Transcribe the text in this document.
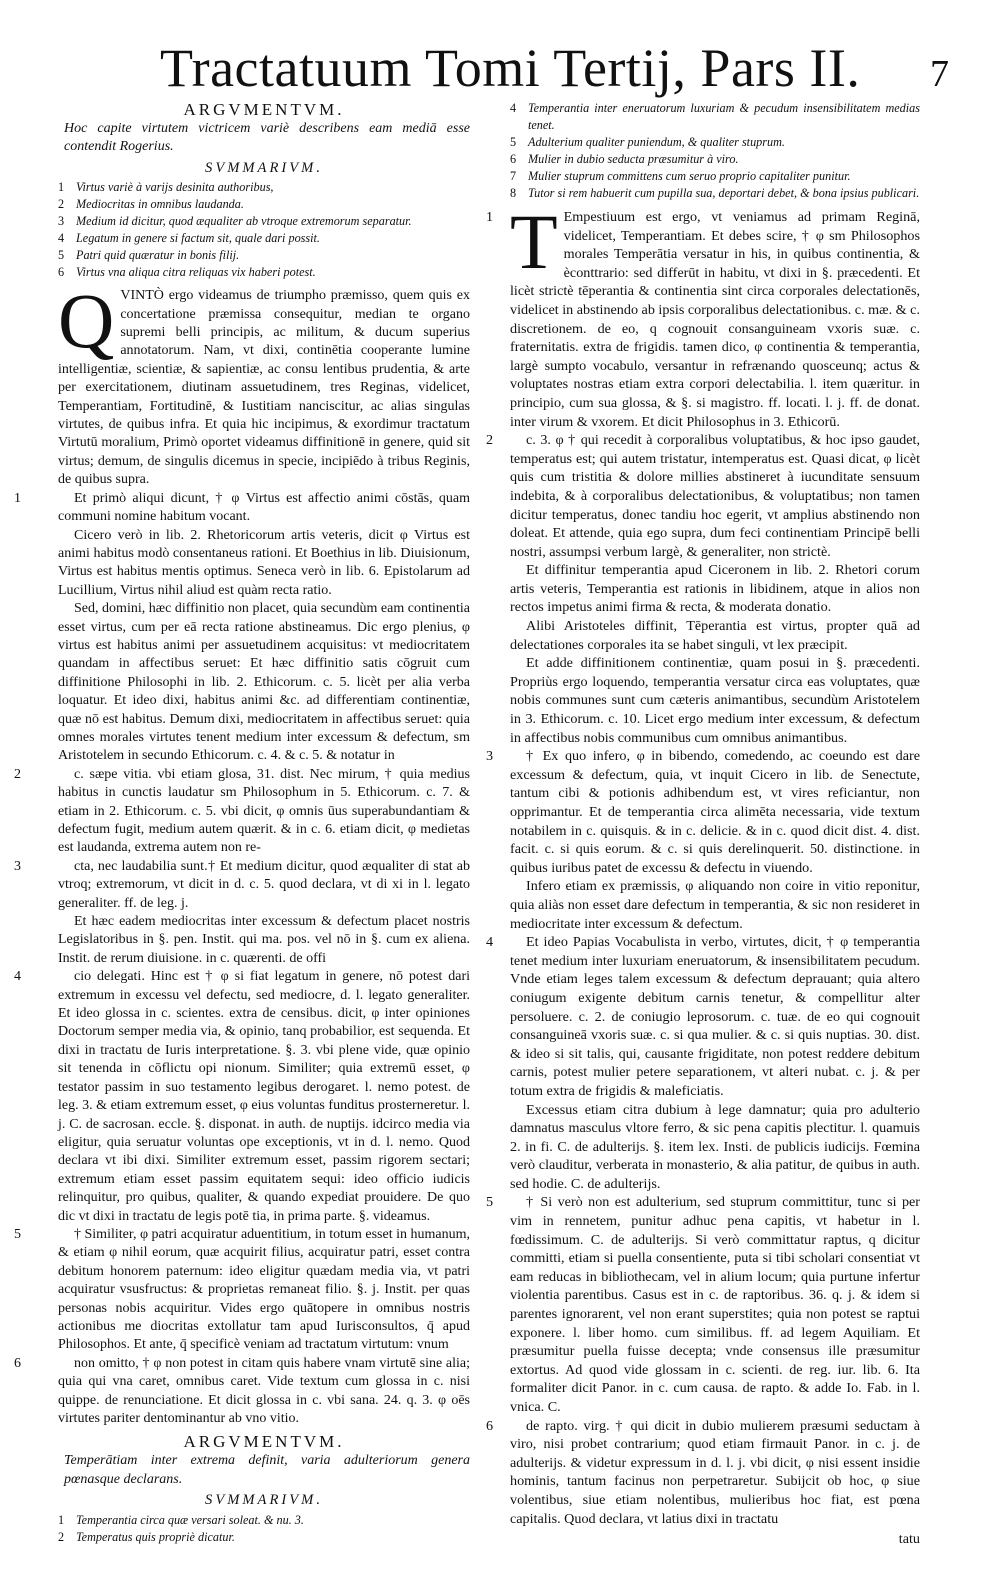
Tractatuum Tomi Tertij, Pars II. 7

ARGVMENTVM.

Hoc capite virtutem victricem variè describens eam mediā esse contendit Rogerius.

SVMMARIVM.

1 Virtus variè à varijs desinita authoribus,
2 Mediocritas in omnibus laudanda.
3 Medium id dicitur, quod æqualiter ab vtroque extremorum separatur.
4 Legatum in genere si factum sit, quale dari possit.
5 Patri quid quæratur in bonis filij.
6 Virtus vna aliqua citra reliquas vix haberi potest.

QVINTÒ ergo videamus de triumpho præmisso, quem quis ex concertatione præmissa consequitur, median te organo supremi belli principis, ac militum, & ducum superius annotatorum. Nam, vt dixi, continētia cooperante lumine intelligentiæ, scientiæ, & sapientiæ, ac consu lentibus prudentia, & arte per exercitationem, diutinam assuetudinem, tres Reginas, videlicet, Temperantiam, Fortitudinē, & Iustitiam nanciscitur, ac alias singulas virtutes, de quibus infra. Et quia hic incipimus, & exordimur tractatum Virtutū moralium, Primò oportet videamus diffinitionē in genere, quid sit virtus; demum, de singulis dicemus in specie, incipiēdo à tribus Reginis, de quibus supra.

1	Et primò aliqui dicunt, † φ Virtus est affectio animi cōstās, quam communi nomine habitum vocant.

Cicero verò in lib. 2. Rhetoricorum artis veteris, dicit φ Virtus est animi habitus modò consentaneus rationi. Et Boethius in lib. Diuisionum, Virtus est habitus mentis optimus. Seneca verò in lib. 6. Epistolarum ad Lucillium, Virtus nihil aliud est quàm recta ratio.

Sed, domini, hæc diffinitio non placet, quia secundùm eam continentia esset virtus, cum per eā recta ratione abstineamus. Dic ergo plenius, φ virtus est habitus animi per assuetudinem acquisitus: vt mediocritatem quandam in affectibus seruet: Et hæc diffinitio satis cōgruit cum diffinitione Philosophi in lib. 2. Ethicorum. c. 5. licèt per alia verba loquatur. Et ideo dixi, habitus animi &c. ad differentiam continentiæ, quæ nō est habitus. Demum dixi, mediocritatem in affectibus seruet: quia omnes morales virtutes tenent medium inter excessum & defectum, sm Aristotelem in secundo Ethicorum. c. 4. & c. 5. & notatur in

2	c. sæpe vitia. vbi etiam glosa, 31. dist. Nec mirum, † quia medius habitus in cunctis laudatur sm Philosophum in 5. Ethicorum. c. 7. & etiam in 2. Ethicorum. c. 5. vbi dicit, φ omnis ūus superabundantiam & defectum fugit, medium autem quærit. & in c. 6. etiam dicit, φ medietas est laudanda, extrema autem non re-

3	cta, nec laudabilia sunt.† Et medium dicitur, quod æqualiter di stat ab vtroq; extremorum, vt dicit in d. c. 5. quod declara, vt di xi in l. legato generaliter. ff. de leg. j.

Et hæc eadem mediocritas inter excessum & defectum placet nostris Legislatoribus in §. pen. Instit. qui ma. pos. vel nō in §. cum ex aliena. Instit. de rerum diuisione. in c. quærenti. de offi

4	cio delegati. Hinc est † φ si fiat legatum in genere, nō potest dari extremum in excessu vel defectu, sed mediocre, d. l. legato generaliter. Et ideo glossa in c. scientes. extra de censibus. dicit, φ inter opiniones Doctorum semper media via, & opinio, tanq probabilior, est sequenda. Et dixi in tractatu de Iuris interpretatione. §. 3. vbi plene vide, quæ opinio sit tenenda in cōflictu opi nionum. Similiter; quia extremū esset, φ testator passim in suo testamento legibus derogaret. l. nemo potest. de leg. 3. & etiam extremum esset, φ eius voluntas funditus prosterneretur. l. j. C. de sacrosan. eccle. §. disponat. in auth. de nuptijs. idcirco media via eligitur, quia seruatur voluntas ope exceptionis, vt in d. l. nemo. Quod declara vt ibi dixi. Similiter extremum esset, passim rigorem sectari; extremum etiam esset passim equitatem sequi: ideo officio iudicis relinquitur, pro quibus, qualiter, & quando expediat prouidere. De quo dic vt dixi in tractatu de legis potē tia, in prima parte. §. videamus.

5	† Similiter, φ patri acquiratur aduentitium, in totum esset in humanum, & etiam φ nihil eorum, quæ acquirit filius, acquiratur patri, esset contra debitum honorem paternum: ideo eligitur quædam media via, vt patri acquiratur vsusfructus: & proprietas remaneat filio. §. j. Instit. per quas personas nobis acquiritur. Vides ergo quātopere in omnibus nostris actionibus me diocritas extollatur tam apud Iurisconsultos, q̄ apud Philosophos. Et ante, q̄ specificè veniam ad tractatum virtutum: vnum

6	non omitto, † φ non potest in citam quis habere vnam virtutē sine alia; quia qui vna caret, omnibus caret. Vide textum cum glossa in c. nisi quippe. de renunciatione. Et dicit glossa in c. vbi sana. 24. q. 3. φ oēs virtutes pariter dentominantur ab vno vitio.

ARGVMENTVM.

Temperātiam inter extrema definit, varia adulteriorum genera pœnasque declarans.

SVMMARIVM.

1 Temperantia circa quæ versari soleat. & nu. 3.
2 Temperatus quis propriè dicatur.
4 Temperantia inter eneruatorum luxuriam & pecudum insensibilitatem medias tenet.
5 Adulterium qualiter puniendum, & qualiter stuprum.
6 Mulier in dubio seducta præsumitur à viro.
7 Mulier stuprum committens cum seruo proprio capitaliter punitur.
8 Tutor si rem habuerit cum pupilla sua, deportari debet, & bona ipsius publicari.

1 T Empestiuum est ergo, vt veniamus ad primam Reginā, videlicet, Temperantiam. Et debes scire, † φ sm Philosophos morales Temperātia versatur in his, in quibus continentia, & èconttrario: sed differūt in habitu, vt dixi in §. præcedenti. Et licèt strictè tēperantia & continentia sint circa corporales delectationēs, videlicet in abstinendo ab ipsis corporalibus delectationibus. c. mæ. & c. discretionem. de eo, q cognouit consanguineam vxoris suæ. c. fraternitatis. extra de frigidis. tamen dico, φ continentia & temperantia, largè sumpto vocabulo, versantur in refrænando quosceunq; actus & voluptates nostras etiam extra corpori delectabilia. l. item quæritur. in principio, cum sua glossa, & §. si magistro. ff. locati. l. j. ff. de donat. inter virum & vxorem. Et dicit Philosophus in 3. Ethicorū.

2 c. 3. φ † qui recedit à corporalibus voluptatibus, & hoc ipso gaudet, temperatus est; qui autem tristatur, intemperatus est. Quasi dicat, φ licèt quis cum tristitia & dolore millies abstineret à iucunditate sensuum indebita, & à corporalibus delectationibus, & voluptatibus; non tamen dicitur temperatus, donec tandiu hoc egerit, vt amplius abstinendo non doleat. Et attende, quia ego supra, dum feci continentiam Principē belli nostri, assumpsi verbum largè, & generaliter, non strictè.

Et diffinitur temperantia apud Ciceronem in lib. 2. Rhetori corum artis veteris, Temperantia est rationis in libidinem, atque in alios non rectos impetus animi firma & recta, & moderata donatio.

Alibi Aristoteles diffinit, Tēperantia est virtus, propter quā ad delectationes corporales ita se habet singuli, vt lex præcipit.

Et adde diffinitionem continentiæ, quam posui in §. præcedenti. Propriùs ergo loquendo, temperantia versatur circa eas voluptates, quæ nobis communes sunt cum cæteris animantibus, secundùm Aristotelem in 3. Ethicorum. c. 10. Licet ergo medium inter excessum, & defectum in affectibus nobis communibus cum omnibus animantibus.

3 † Ex quo infero, φ in bibendo, comedendo, ac coeundo est dare excessum & defectum, quia, vt inquit Cicero in lib. de Senectute, tantum cibi & potionis adhibendum est, vt vires reficiantur, non opprimantur. Et de temperantia circa alimēta necessaria, vide textum notabilem in c. quisquis. & in c. delicie. & in c. quod dicit dist. 4. dist. facit. c. si quis eorum. & c. si quis derelinquerit. 50. distinctione. in quibus iuribus patet de excessu & defectu in viuendo.

Infero etiam ex præmissis, φ aliquando non coire in vitio reponitur, quia aliàs non esset dare defectum in temperantia, & sic non resideret in mediocritate inter excessum & defectum.

4 Et ideo Papias Vocabulista in verbo, virtutes, dicit, † φ temperantia tenet medium inter luxuriam eneruatorum, & insensibilitatem pecudum. Vnde etiam leges talem excessum & defectum deprauant; quia altero coniugum exigente debitum carnis tenetur, & compellitur alter persoluere. c. 2. de coniugio leprosorum. c. tuæ. de eo qui cognouit consanguineā vxoris suæ. c. si qua mulier. & c. si quis nuptias. 30. dist. & ideo si sit talis, qui, causante frigiditate, non potest reddere debitum carnis, potest mulier petere separationem, vt alteri nubat. c. j. & per totum extra de frigidis & maleficiatis.

Excessus etiam citra dubium à lege damnatur; quia pro adulterio damnatus masculus vltore ferro, & sic pena capitis plectitur. l. quamuis 2. in fi. C. de adulterijs. §. item lex. Insti. de publicis iudicijs. Fœmina verò clauditur, verberata in monasterio, & alia patitur, de quibus in auth. sed hodie. C. de adulterijs.

5 † Si verò non est adulterium, sed stuprum committitur, tunc si per vim in rennetem, punitur adhuc pena capitis, vt habetur in l. fœdissimum. C. de adulterijs. Si verò committatur raptus, q dicitur committi, etiam si puella consentiente, puta si tibi scholari consentiat vt eam reducas in bibliothecam, vel in alium locum; quia purtune infertur violentia parentibus. Casus est in c. de raptoribus. 36. q. j. & idem si parentes ignorarent, vel non erant superstites; quia non potest se raptui exponere. l. liber homo. cum similibus. ff. ad legem Aquiliam. Et præsumitur puella fuisse decepta; vnde consensus ille præsumitur extortus. Ad quod vide glossam in c. scienti. de reg. iur. lib. 6. Ita formaliter dicit Panor. in c. cum causa. de rapto. & adde Io. Fab. in l. vnica. C.

6 de rapto. virg. † qui dicit in dubio mulierem præsumi seductam à viro, nisi probet contrarium; quod etiam firmauit Panor. in c. j. de adulterijs. & videtur expressum in d. l. j. vbi dicit, φ nisi essent insidie hominis, tantum facinus non perpetraretur. Subijcit ob hoc, φ siue volentibus, siue etiam nolentibus, mulieribus hoc fiat, est pœna capitalis. Quod declara, vt latius dixi in tractatu

tatu
